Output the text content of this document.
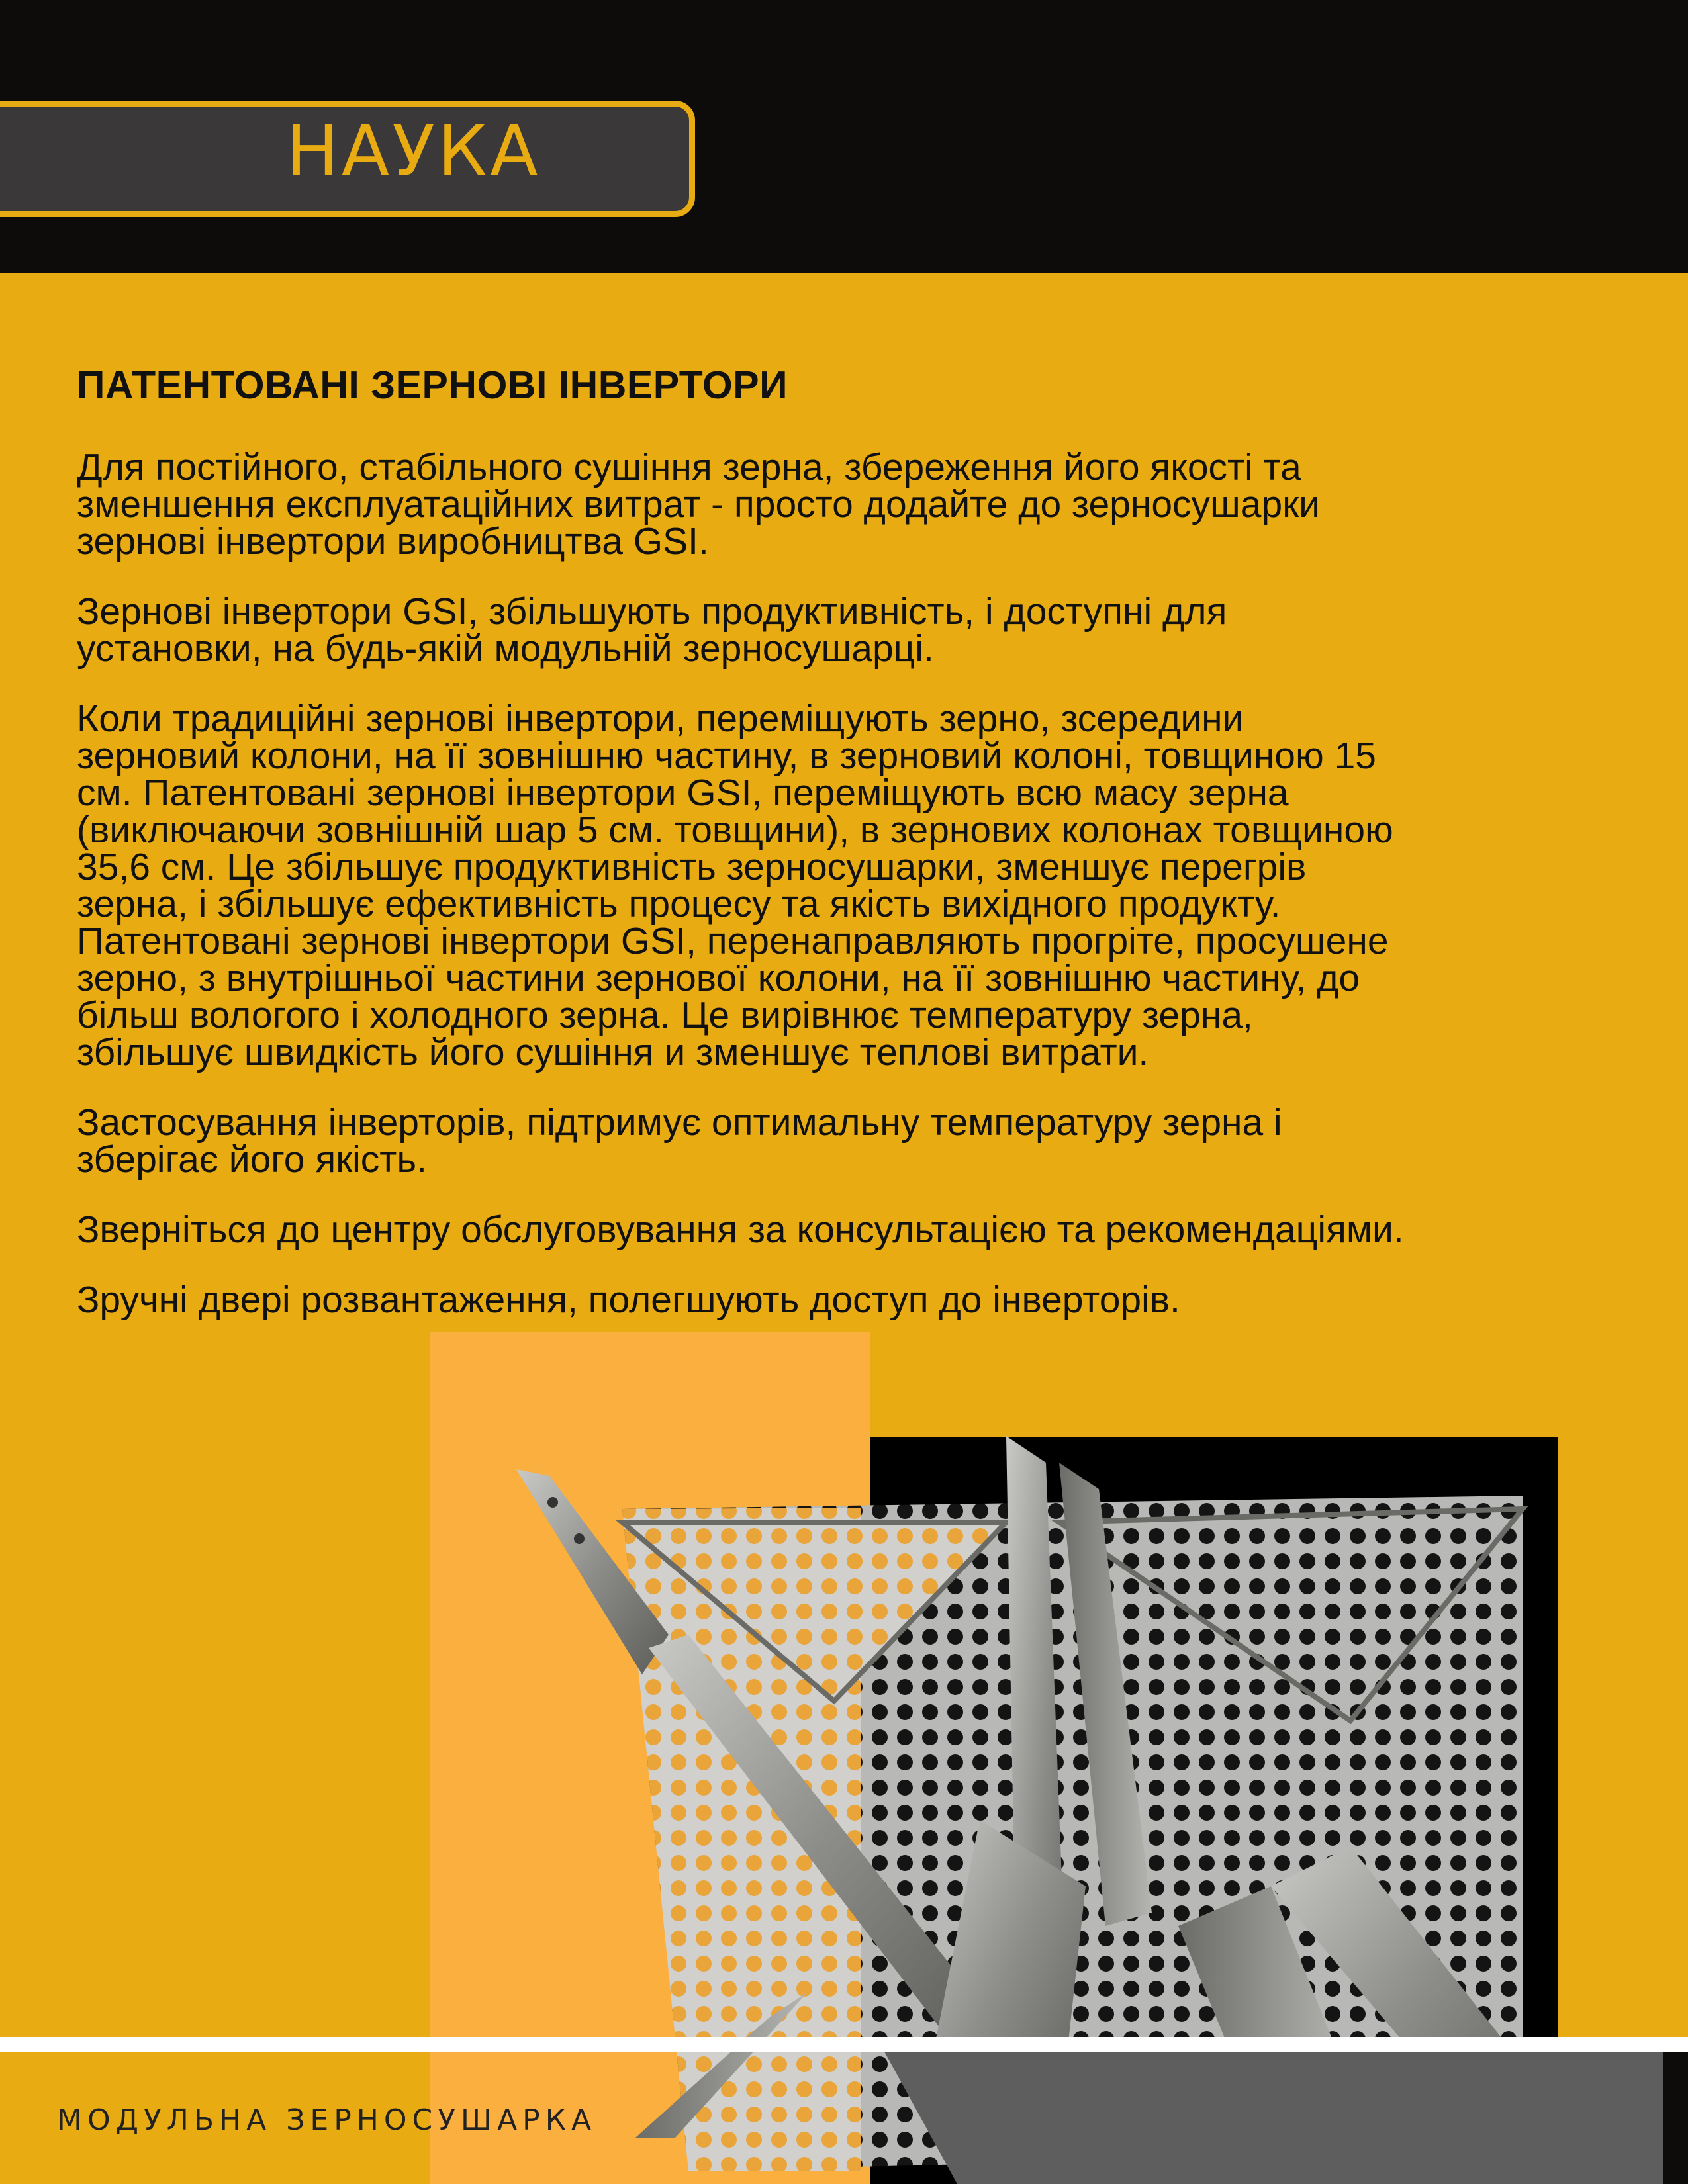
НАУКА
ПАТЕНТОВАНІ ЗЕРНОВІ ІНВЕРТОРИ

Для постійного, стабільного сушіння зерна, збереження його якості та
зменшення експлуатаційних витрат - просто додайте до зерносушарки
зернові інвертори виробництва GSI.

Зернові інвертори GSI, збільшують продуктивність, і доступні для
установки, на будь-якій модульній зерносушарці.

Коли традиційні зернові інвертори, переміщують зерно, зсередини
зерновий колони, на її зовнішню частину, в зерновий колоні, товщиною 15
см. Патентовані зернові інвертори GSI, переміщують всю масу зерна
(виключаючи зовнішній шар 5 см. товщини), в зернових колонах товщиною
35,6 см. Це збільшує продуктивність зерносушарки, зменшує перегрів
зерна, і збільшує ефективність процесу та якість вихідного продукту.
Патентовані зернові інвертори GSI, перенаправляють прогріте, просушене
зерно, з внутрішньої частини зернової колони, на її зовнішню частину, до
більш вологого і холодного зерна. Це вирівнює температуру зерна,
збільшує швидкість його сушіння и зменшує теплові витрати.

Застосування інверторів, підтримує оптимальну температуру зерна і
зберігає його якість.

Зверніться до центру обслуговування за консультацією та рекомендаціями.

Зручні двері розвантаження, полегшують доступ до інверторів.

МОДУЛЬНА ЗЕРНОСУШАРКА
